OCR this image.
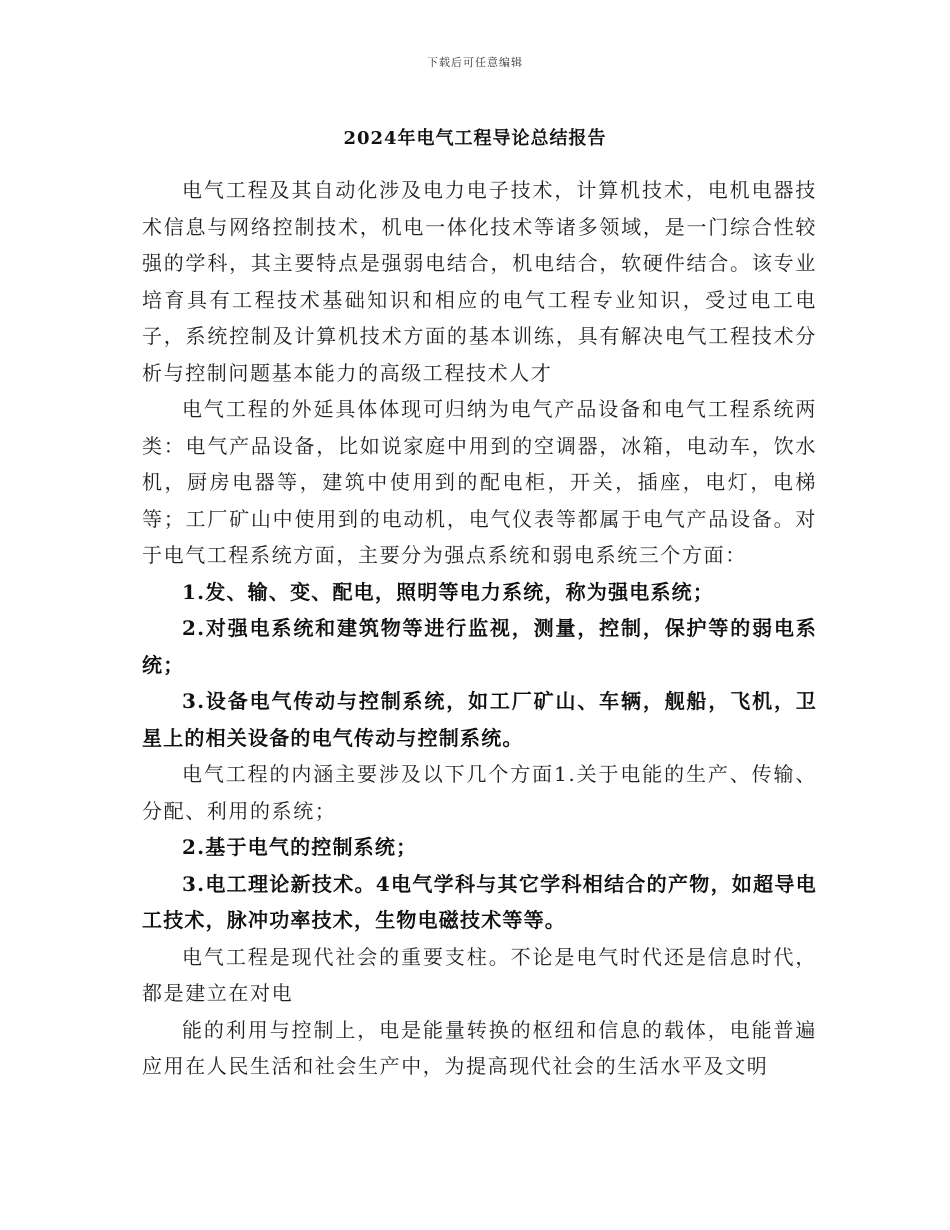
下载后可任意编辑
2024年电气工程导论总结报告

电气工程及其自动化涉及电力电子技术，计算机技术，电机电器技术信息与网络控制技术，机电一体化技术等诸多领域，是一门综合性较强的学科，其主要特点是强弱电结合，机电结合，软硬件结合。该专业培育具有工程技术基础知识和相应的电气工程专业知识，受过电工电子，系统控制及计算机技术方面的基本训练，具有解决电气工程技术分析与控制问题基本能力的高级工程技术人才

电气工程的外延具体体现可归纳为电气产品设备和电气工程系统两类：电气产品设备，比如说家庭中用到的空调器，冰箱，电动车，饮水机，厨房电器等，建筑中使用到的配电柜，开关，插座，电灯，电梯等；工厂矿山中使用到的电动机，电气仪表等都属于电气产品设备。对于电气工程系统方面，主要分为强点系统和弱电系统三个方面：

1.发、输、变、配电，照明等电力系统，称为强电系统；

2.对强电系统和建筑物等进行监视，测量，控制，保护等的弱电系统；

3.设备电气传动与控制系统，如工厂矿山、车辆，舰船，飞机，卫星上的相关设备的电气传动与控制系统。

电气工程的内涵主要涉及以下几个方面1.关于电能的生产、传输、分配、利用的系统；

2.基于电气的控制系统；

3.电工理论新技术。4电气学科与其它学科相结合的产物，如超导电工技术，脉冲功率技术，生物电磁技术等等。

电气工程是现代社会的重要支柱。不论是电气时代还是信息时代，都是建立在对电

能的利用与控制上，电是能量转换的枢纽和信息的载体，电能普遍应用在人民生活和社会生产中，为提高现代社会的生活水平及文明
